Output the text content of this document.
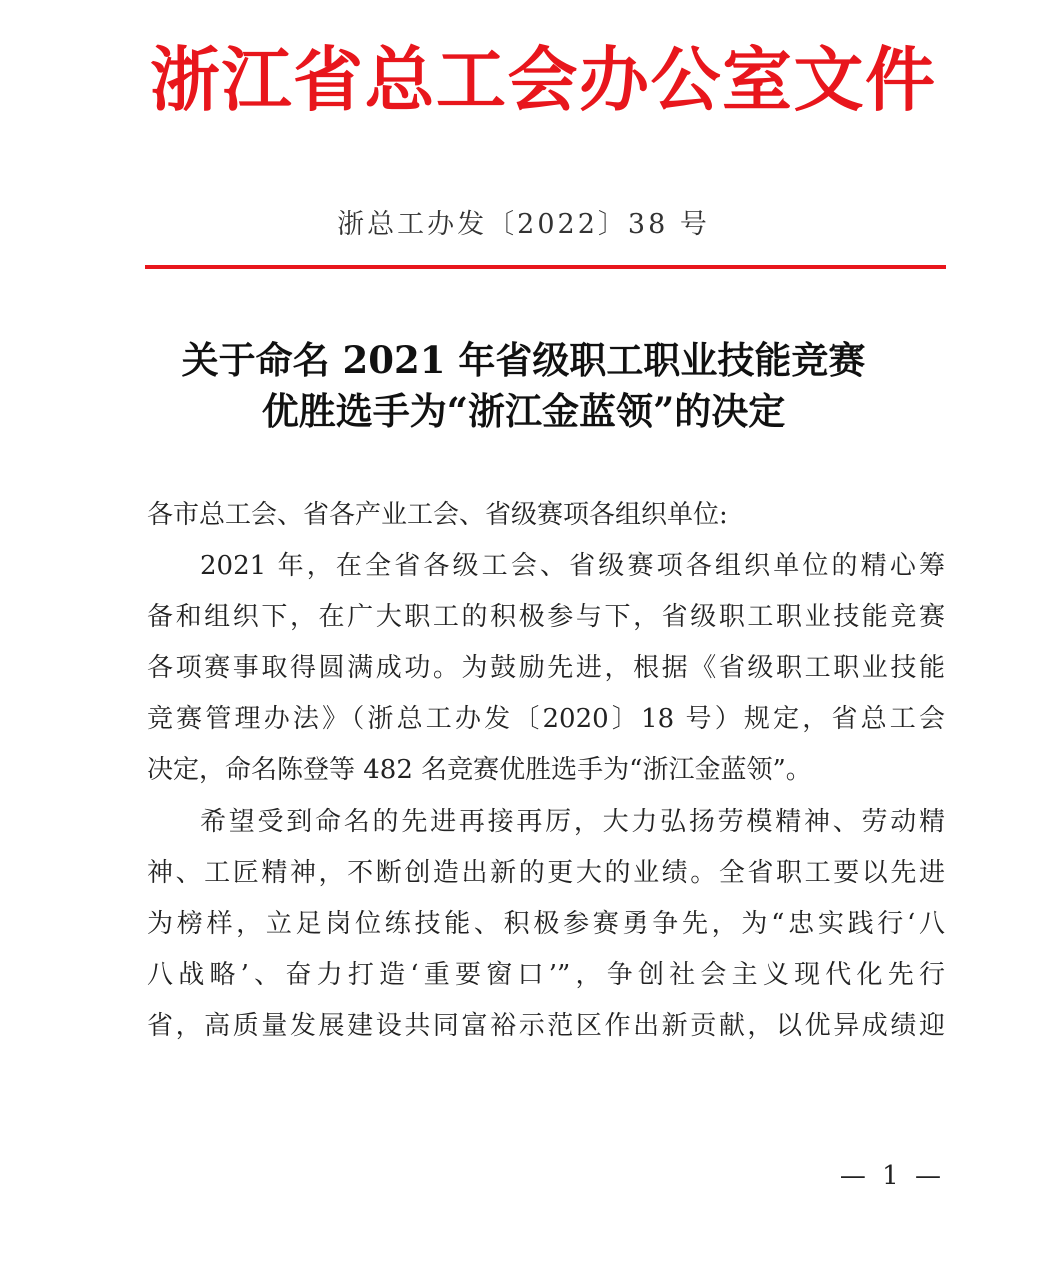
浙江省总工会办公室文件
浙总工办发〔2022〕38 号
关于命名 2021 年省级职工职业技能竞赛
优胜选手为“浙江金蓝领”的决定
各市总工会、省各产业工会、省级赛项各组织单位:
2021 年，在全省各级工会、省级赛项各组织单位的精心筹
备和组织下，在广大职工的积极参与下，省级职工职业技能竞赛
各项赛事取得圆满成功。为鼓励先进，根据《省级职工职业技能
竞赛管理办法》（浙总工办发〔2020〕18 号）规定，省总工会
决定，命名陈登等 482 名竞赛优胜选手为“浙江金蓝领”。
希望受到命名的先进再接再厉，大力弘扬劳模精神、劳动精
神、工匠精神，不断创造出新的更大的业绩。全省职工要以先进
为榜样，立足岗位练技能、积极参赛勇争先，为“忠实践行‘八
八战略’、奋力打造‘重要窗口’”，争创社会主义现代化先行
省，高质量发展建设共同富裕示范区作出新贡献，以优异成绩迎
— 1 —
